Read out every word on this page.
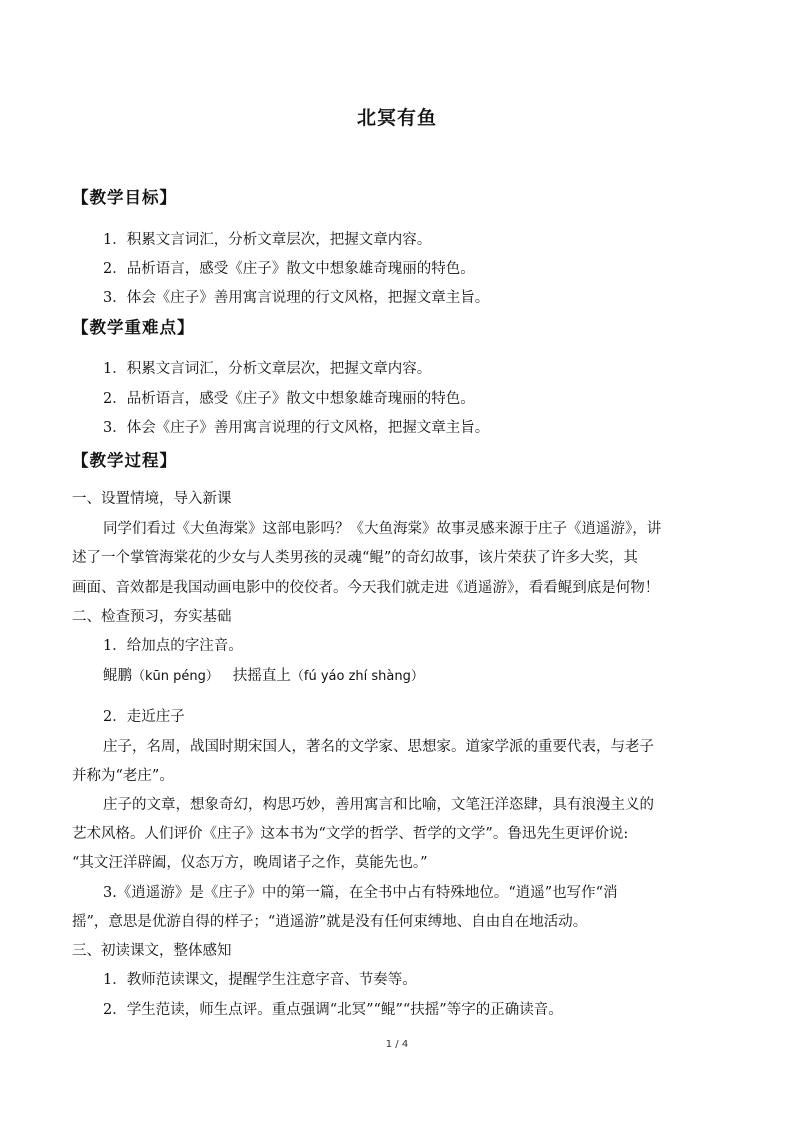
北冥有鱼
【教学目标】
1．积累文言词汇，分析文章层次，把握文章内容。
2．品析语言，感受《庄子》散文中想象雄奇瑰丽的特色。
3．体会《庄子》善用寓言说理的行文风格，把握文章主旨。
【教学重难点】
1．积累文言词汇，分析文章层次，把握文章内容。
2．品析语言，感受《庄子》散文中想象雄奇瑰丽的特色。
3．体会《庄子》善用寓言说理的行文风格，把握文章主旨。
【教学过程】
一、设置情境，导入新课
同学们看过《大鱼海棠》这部电影吗？《大鱼海棠》故事灵感来源于庄子《逍遥游》，讲
述了一个掌管海棠花的少女与人类男孩的灵魂“鲲”的奇幻故事，该片荣获了许多大奖，其
画面、音效都是我国动画电影中的佼佼者。今天我们就走进《逍遥游》，看看鲲到底是何物！
二、检查预习，夯实基础
1．给加点的字注音。
鲲鹏（kūn péng） 扶摇直上（fú yáo zhí shàng）
2．走近庄子
庄子，名周，战国时期宋国人，著名的文学家、思想家。道家学派的重要代表，与老子
并称为“老庄”。
庄子的文章，想象奇幻，构思巧妙，善用寓言和比喻，文笔汪洋恣肆，具有浪漫主义的
艺术风格。人们评价《庄子》这本书为“文学的哲学、哲学的文学”。鲁迅先生更评价说:
“其文汪洋辟阖，仪态万方，晚周诸子之作，莫能先也。”
3.《逍遥游》是《庄子》中的第一篇，在全书中占有特殊地位。“逍遥”也写作“消
摇”，意思是优游自得的样子；“逍遥游”就是没有任何束缚地、自由自在地活动。
三、初读课文，整体感知
1．教师范读课文，提醒学生注意字音、节奏等。
2．学生范读，师生点评。重点强调“北冥”“鲲”“扶摇”等字的正确读音。
1 / 4
